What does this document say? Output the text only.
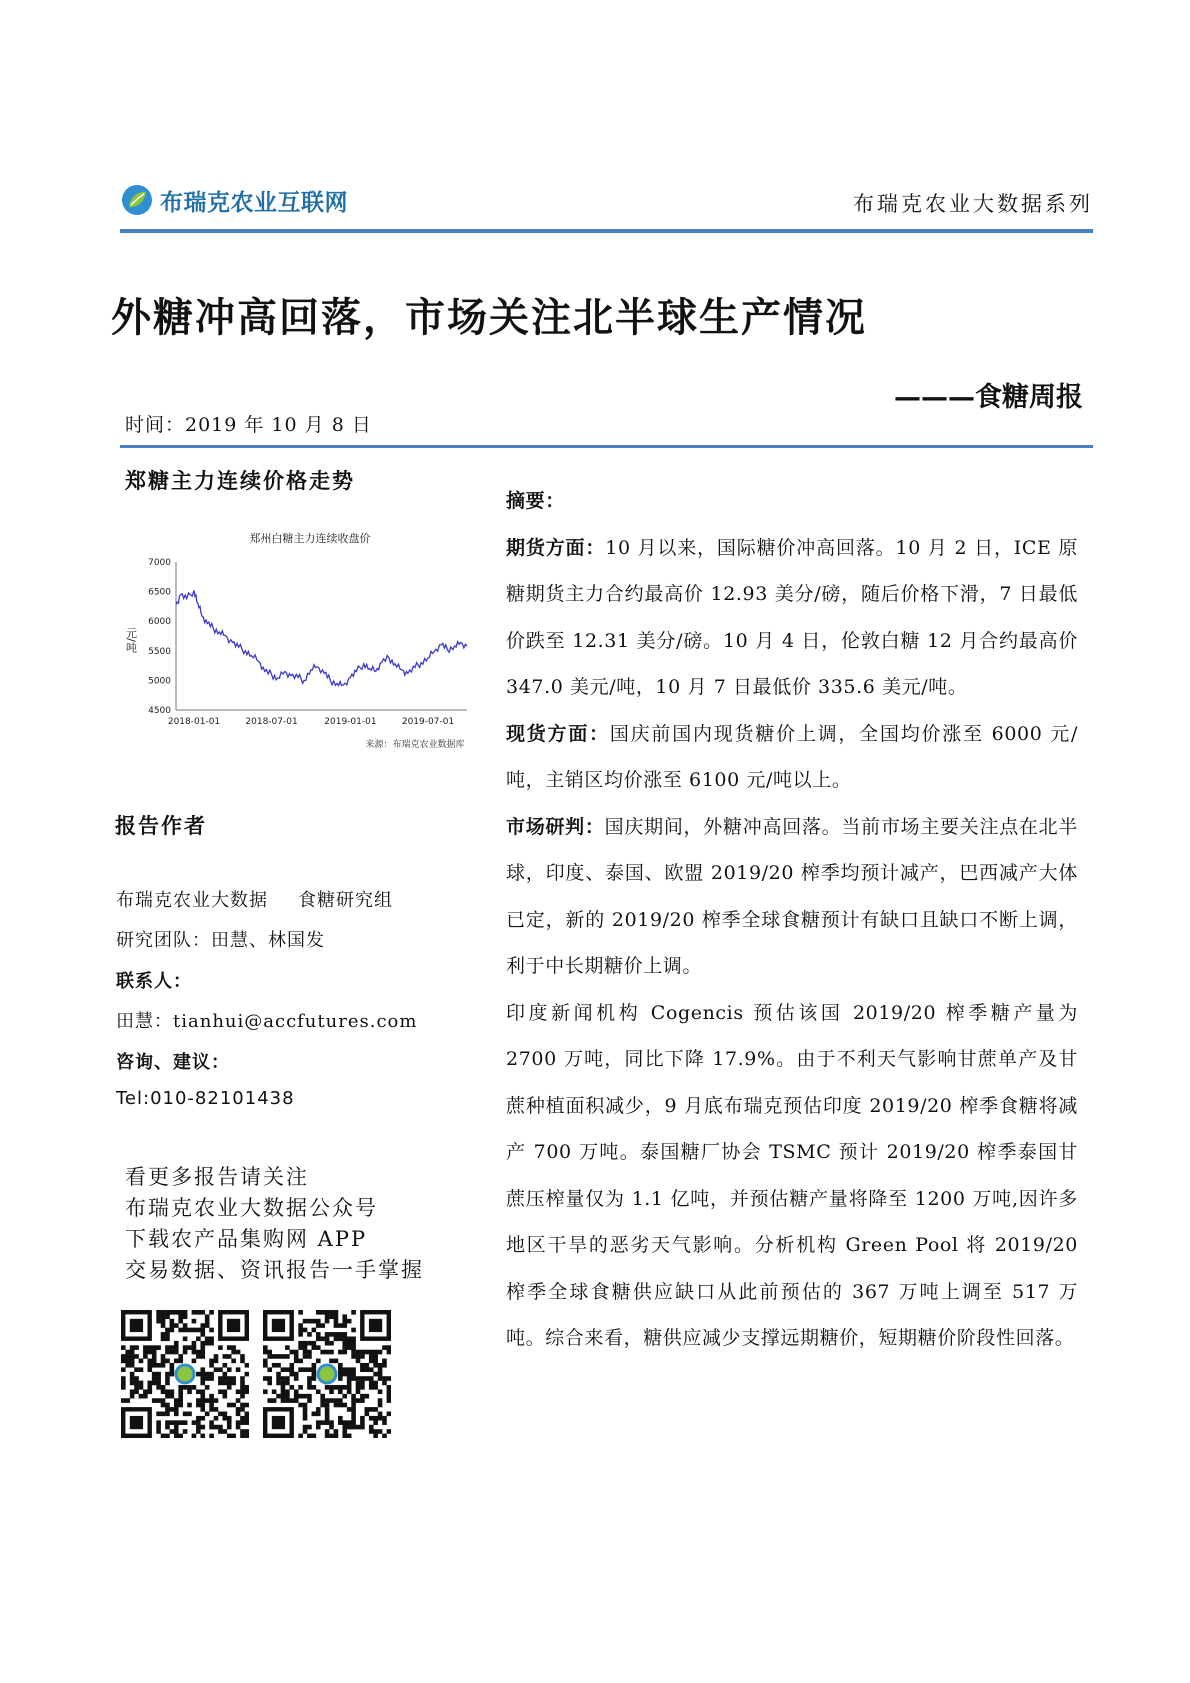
布瑞克农业互联网	布瑞克农业大数据系列
外糖冲高回落，市场关注北半球生产情况
———食糖周报
时间：2019 年 10 月 8 日
郑糖主力连续价格走势
郑州白糖主力连续收盘价
元/吨
4500
5000
5500
6000
6500
7000
2018-01-01	2018-07-01	2019-01-01	2019-07-01
来源：布瑞克农业数据库
报告作者
布瑞克农业大数据 食糖研究组
研究团队：田慧、林国发
联系人：
田慧：tianhui@accfutures.com
咨询、建议：
Tel:010-82101438
看更多报告请关注
布瑞克农业大数据公众号
下载农产品集购网 APP
交易数据、资讯报告一手掌握

摘要：

期货方面：10 月以来，国际糖价冲高回落。10 月 2 日，ICE 原糖期货主力合约最高价 12.93 美分/磅，随后价格下滑，7 日最低价跌至 12.31 美分/磅。10 月 4 日，伦敦白糖 12 月合约最高价 347.0 美元/吨，10 月 7 日最低价 335.6 美元/吨。

现货方面：国庆前国内现货糖价上调，全国均价涨至 6000 元/吨，主销区均价涨至 6100 元/吨以上。

市场研判：国庆期间，外糖冲高回落。当前市场主要关注点在北半球，印度、泰国、欧盟 2019/20 榨季均预计减产，巴西减产大体已定，新的 2019/20 榨季全球食糖预计有缺口且缺口不断上调，利于中长期糖价上调。

印度新闻机构 Cogencis 预估该国 2019/20 榨季糖产量为 2700 万吨，同比下降 17.9%。由于不利天气影响甘蔗单产及甘蔗种植面积减少，9 月底布瑞克预估印度 2019/20 榨季食糖将减产 700 万吨。泰国糖厂协会 TSMC 预计 2019/20 榨季泰国甘蔗压榨量仅为 1.1 亿吨，并预估糖产量将降至 1200 万吨,因许多地区干旱的恶劣天气影响。分析机构 Green Pool 将 2019/20 榨季全球食糖供应缺口从此前预估的 367 万吨上调至 517 万吨。综合来看，糖供应减少支撑远期糖价，短期糖价阶段性回落。
